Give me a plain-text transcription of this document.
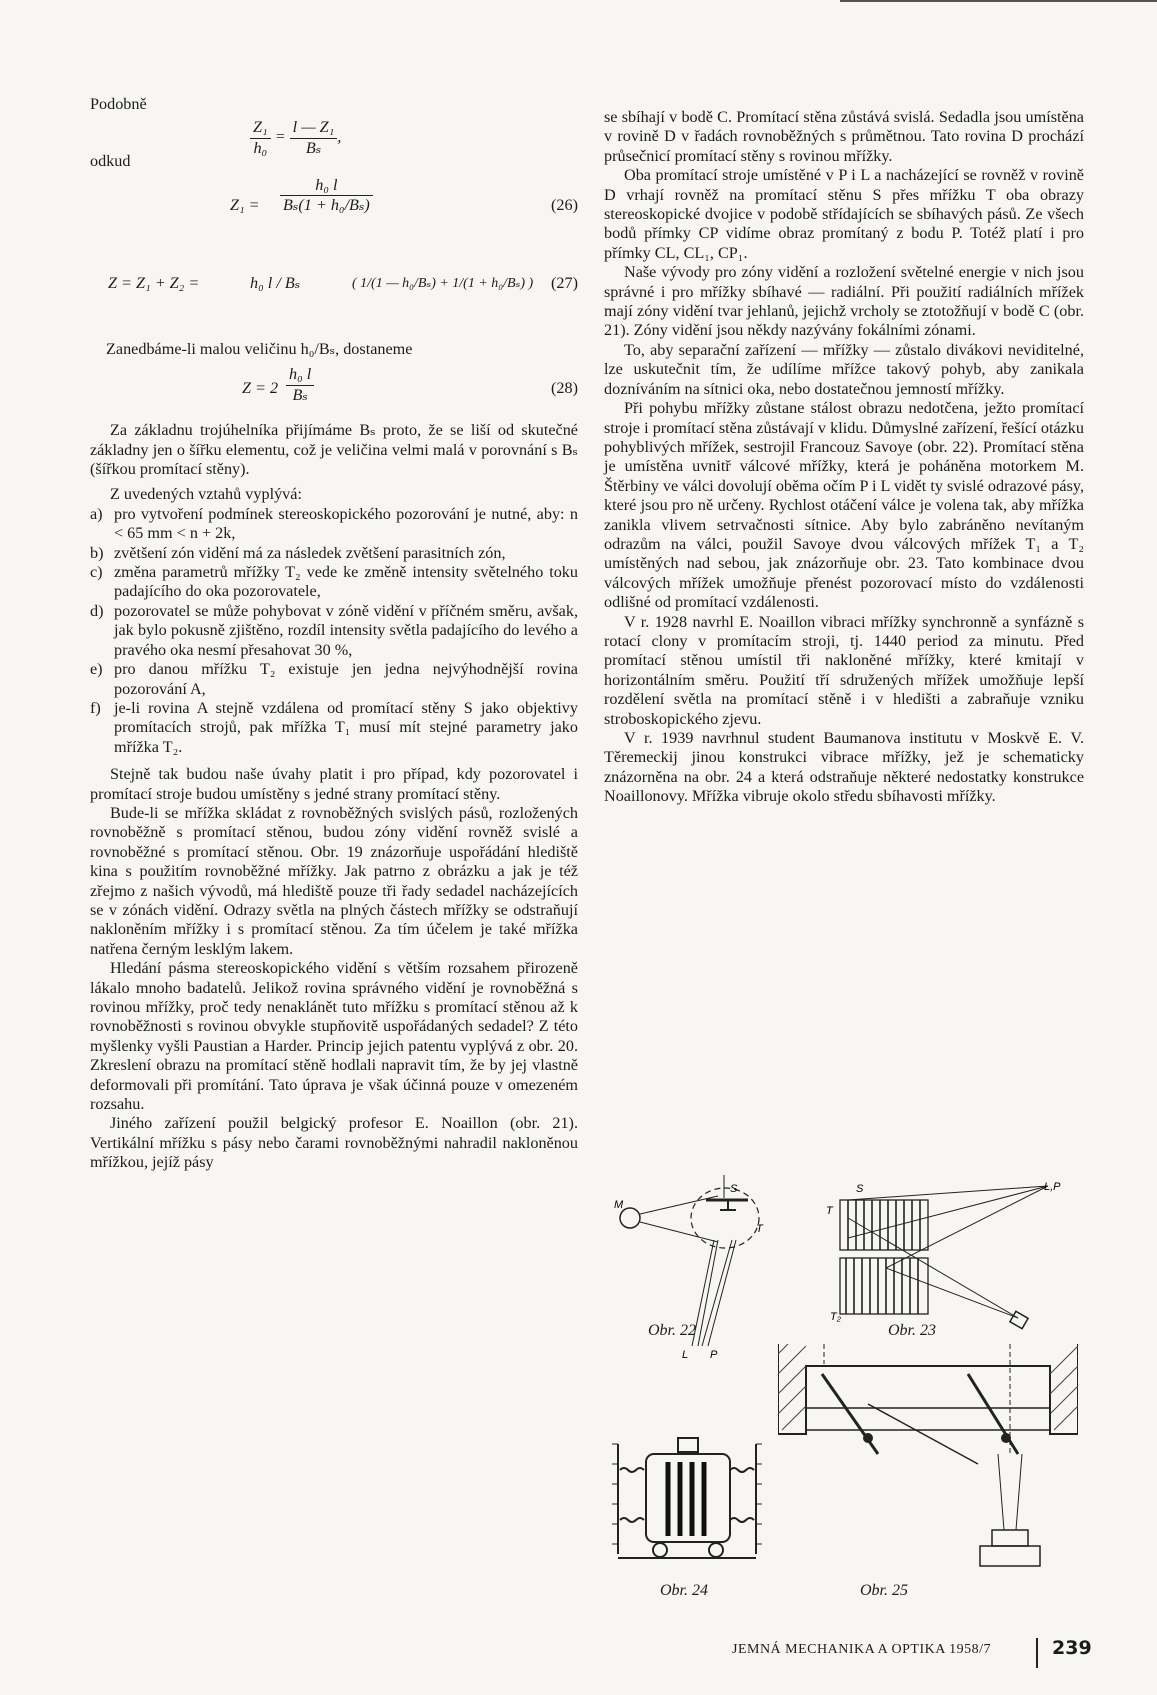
Podobně

$\frac{\text{Z₁}}{\text{h₀}} = \frac{\text{l — Z₁}}{\text{Bₛ}}$ ,

odkud

$Z_1 = \frac{\text{h₀ l}}{\text{Bₛ(1 + h₀/Bₛ)}}$	(26)
Z = Z₁ + Z₂ =	h₀ l / Bₛ	( 1/(1 — h₀/Bₛ) + 1/(1 + h₀/Bₛ) ) (27)

Zanedbáme-li malou veličinu h₀/Bₛ, dostaneme

$Z = 2 \frac{\text{h₀ l}}{\text{Bₛ}}$	(28)

Za základnu trojúhelníka přijímáme Bₛ proto, že se liší od skutečné základny jen o šířku elementu, což je veličina velmi malá v porovnání s Bₛ (šířkou promítací stěny).

Z uvedených vztahů vyplývá:

a) pro vytvoření podmínek stereoskopického pozorování je nutné, aby: n < 65 mm < n + 2k,
b) zvětšení zón vidění má za následek zvětšení parasitních zón,
c) změna parametrů mřížky T₂ vede ke změně intensity světelného toku padajícího do oka pozorovatele,
d) pozorovatel se může pohybovat v zóně vidění v příčném směru, avšak, jak bylo pokusně zjištěno, rozdíl intensity světla padajícího do levého a pravého oka nesmí přesahovat 30 %,
e) pro danou mřížku T₂ existuje jen jedna nejvýhodnější rovina pozorování A,
f) je-li rovina A stejně vzdálena od promítací stěny S jako objektivy promítacích strojů, pak mřížka T₁ musí mít stejné parametry jako mřížka T₂.

Stejně tak budou naše úvahy platit i pro případ, kdy pozorovatel i promítací stroje budou umístěny s jedné strany promítací stěny.

Bude-li se mřížka skládat z rovnoběžných svislých pásů, rozložených rovnoběžně s promítací stěnou, budou zóny vidění rovněž svislé a rovnoběžné s promítací stěnou. Obr. 19 znázorňuje uspořádání hlediště kina s použitím rovnoběžné mřížky. Jak patrno z obrázku a jak je též zřejmo z našich vývodů, má hlediště pouze tři řady sedadel nacházejících se v zónách vidění. Odrazy světla na plných částech mřížky se odstraňují nakloněním mřížky i s promítací stěnou. Za tím účelem je také mřížka natřena černým lesklým lakem.

Hledání pásma stereoskopického vidění s větším rozsahem přirozeně lákalo mnoho badatelů. Jelikož rovina správného vidění je rovnoběžná s rovinou mřížky, proč tedy nenaklánět tuto mřížku s promítací stěnou až k rovnoběžnosti s rovinou obvykle stupňovitě uspořádaných sedadel? Z této myšlenky vyšli Paustian a Harder. Princip jejich patentu vyplývá z obr. 20. Zkreslení obrazu na promítací stěně hodlali napravit tím, že by jej vlastně deformovali při promítání. Tato úprava je však účinná pouze v omezeném rozsahu.

Jiného zařízení použil belgický profesor E. Noaillon (obr. 21). Vertikální mřížku s pásy nebo čarami rovnoběžnými nahradil nakloněnou mřížkou, jejíž pásy

se sbíhají v bodě C. Promítací stěna zůstává svislá. Sedadla jsou umístěna v rovině D v řadách rovnoběžných s průmětnou. Tato rovina D prochází průsečnicí promítací stěny s rovinou mřížky.

Oba promítací stroje umístěné v P i L a nacházející se rovněž v rovině D vrhají rovněž na promítací stěnu S přes mřížku T oba obrazy stereoskopické dvojice v podobě střídajících se sbíhavých pásů. Ze všech bodů přímky CP vidíme obraz promítaný z bodu P. Totéž platí i pro přímky CL, CL₁, CP₁.

Naše vývody pro zóny vidění a rozložení světelné energie v nich jsou správné i pro mřížky sbíhavé — radiální. Při použití radiálních mřížek mají zóny vidění tvar jehlanů, jejichž vrcholy se ztotožňují v bodě C (obr. 21). Zóny vidění jsou někdy nazývány fokálními zónami.

To, aby separační zařízení — mřížky — zůstalo divákovi neviditelné, lze uskutečnit tím, že udílíme mřížce takový pohyb, aby zanikala dozníváním na sítnici oka, nebo dostatečnou jemností mřížky.

Při pohybu mřížky zůstane stálost obrazu nedotčena, ježto promítací stroje i promítací stěna zůstávají v klidu. Důmyslné zařízení, řešící otázku pohyblivých mřížek, sestrojil Francouz Savoye (obr. 22). Promítací stěna je umístěna uvnitř válcové mřížky, která je poháněna motorkem M. Štěrbiny ve válci dovolují oběma očím P i L vidět ty svislé odrazové pásy, které jsou pro ně určeny. Rychlost otáčení válce je volena tak, aby mřížka zanikla vlivem setrvačnosti sítnice. Aby bylo zabráněno nevítaným odrazům na válci, použil Savoye dvou válcových mřížek T₁ a T₂ umístěných nad sebou, jak znázorňuje obr. 23. Tato kombinace dvou válcových mřížek umožňuje přenést pozorovací místo do vzdálenosti odlišné od promítací vzdálenosti.

V r. 1928 navrhl E. Noaillon vibraci mřížky synchronně a synfázně s rotací clony v promítacím stroji, tj. 1440 period za minutu. Před promítací stěnou umístil tři nakloněné mřížky, které kmitají v horizontálním směru. Použití tří sdružených mřížek umožňuje lepší rozdělení světla na promítací stěně i v hledišti a zabraňuje vzniku stroboskopického zjevu.

V r. 1939 navrhnul student Baumanova institutu v Moskvě E. V. Těremeckij jinou konstrukci vibrace mřížky, jež je schematicky znázorněna na obr. 24 a která odstraňuje některé nedostatky konstrukce Noaillonovy. Mřížka vibruje okolo středu sbíhavosti mřížky.

M
S
T
L P
Obr. 22
S
T
L,P
T₂
Obr. 23
Obr. 24	Obr. 25
JEMNÁ MECHANIKA A OPTIKA 1958/7	239
